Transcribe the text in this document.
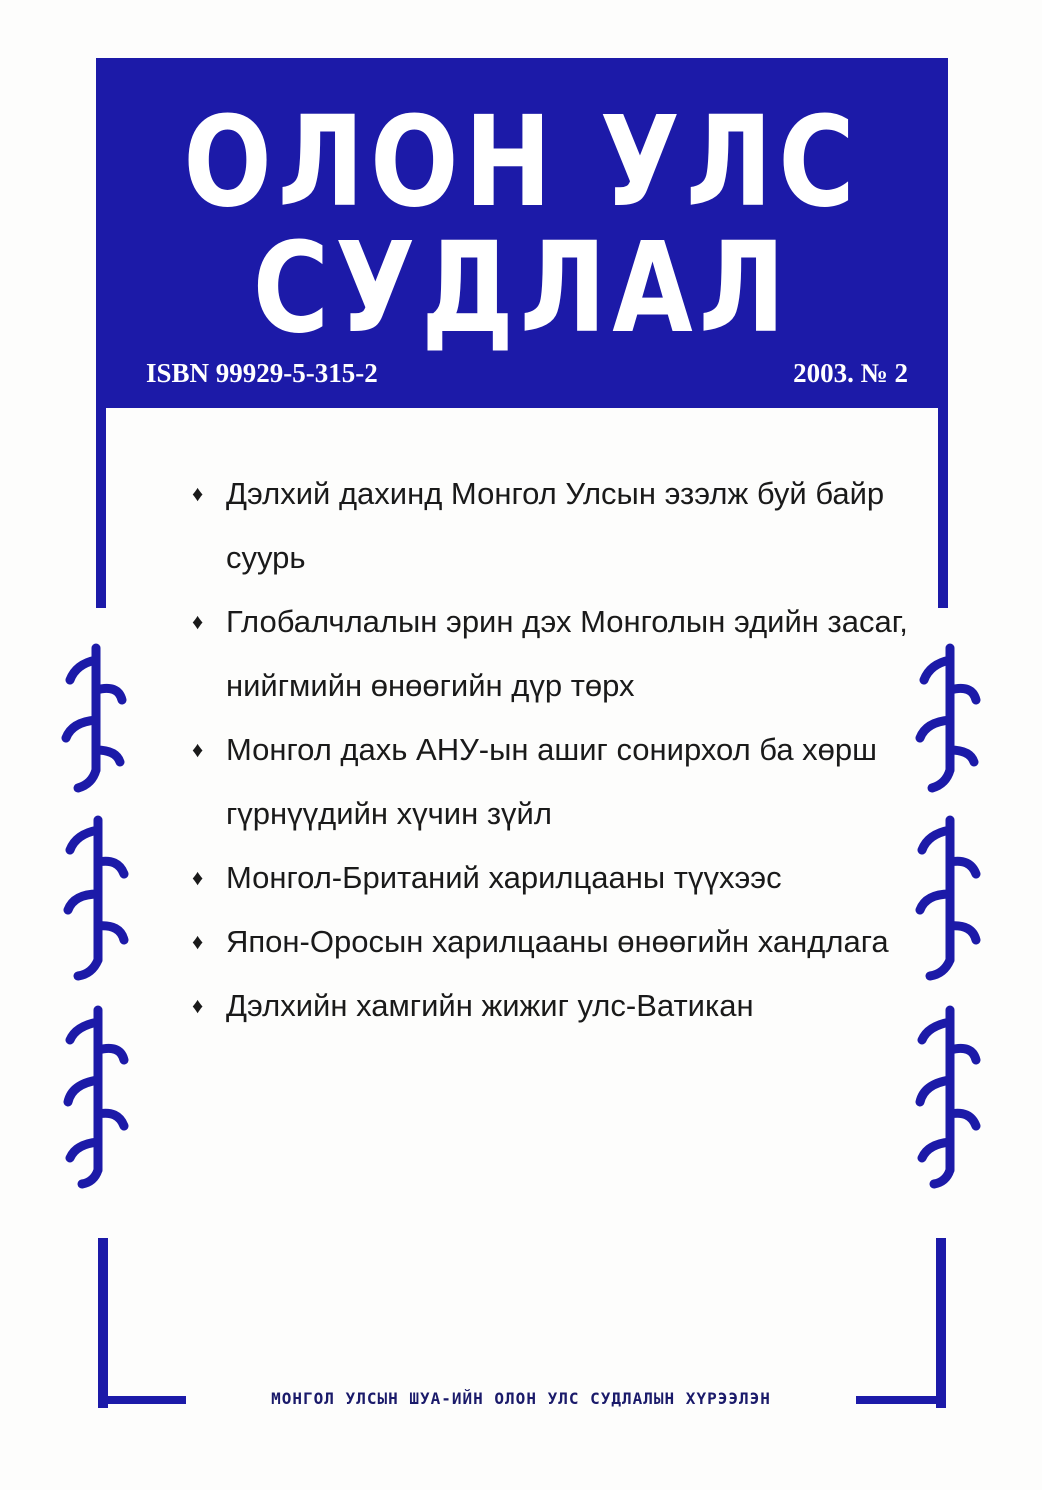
ОЛОН УЛС
СУДЛАЛ
ISBN 99929-5-315-2	2003. № 2
МОНГОЛ УЛСЫН ШУА-ИЙН ОЛОН УЛС СУДЛАЛЫН ХҮРЭЭЛЭН
♦ Дэлхий дахинд Монгол Улсын эзэлж буй байр
суурь
♦ Глобалчлалын эрин дэх Монголын эдийн засаг,
нийгмийн өнөөгийн дүр төрх
♦ Монгол дахь АНУ-ын ашиг сонирхол ба хөрш
гүрнүүдийн хүчин зүйл
♦ Монгол-Британий харилцааны түүхээс
♦ Япон-Оросын харилцааны өнөөгийн хандлага
♦ Дэлхийн хамгийн жижиг улс-Ватикан
